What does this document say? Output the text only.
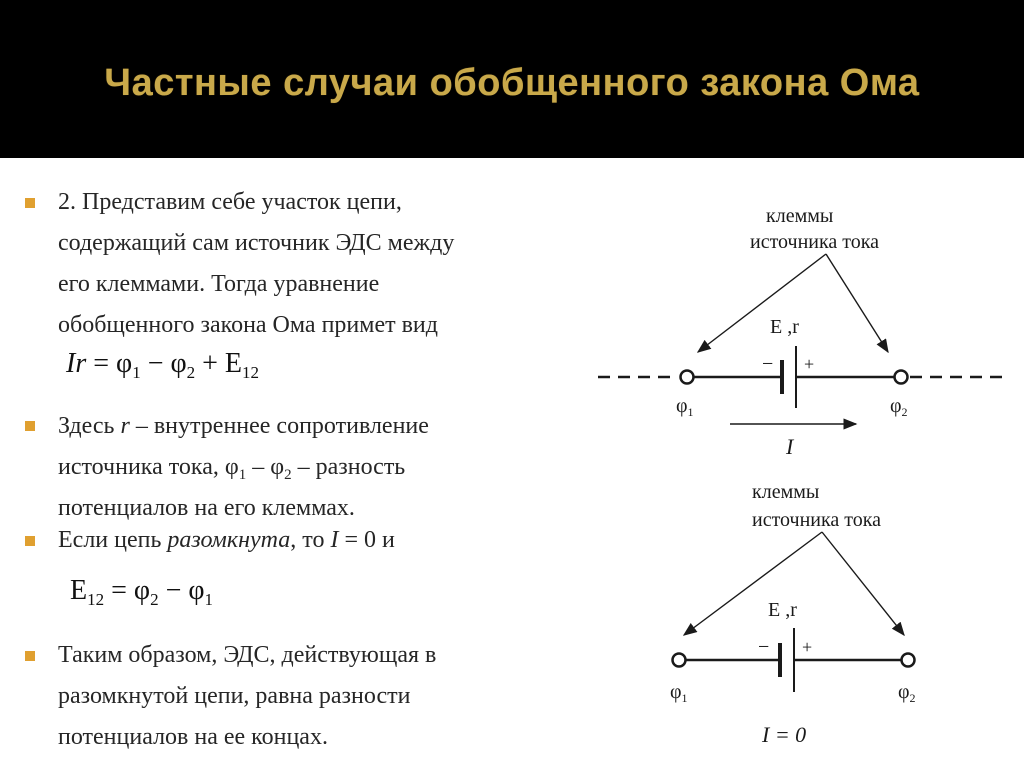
Частные случаи обобщенного закона Ома
2. Представим себе участок цепи,
содержащий сам источник ЭДС между
его клеммами. Тогда уравнение
обобщенного закона Ома примет вид
$Ir = \varphi_1 - \varphi_2 + E_{12}$
Здесь r – внутреннее сопротивление
источника тока, $\varphi_1 - \varphi_2$ – разность
потенциалов на его клеммах.
Если цепь разомкнута, то I = 0 и
$E_{12} = \varphi_2 - \varphi_1$
Таким образом, ЭДС, действующая в
разомкнутой цепи, равна разности
потенциалов на ее концах.
клеммы
источника тока
E ,r
− +
$\varphi_1$	$\varphi_2$
I
клеммы
источника тока
E ,r
− +
$\varphi_1$	$\varphi_2$
I = 0
